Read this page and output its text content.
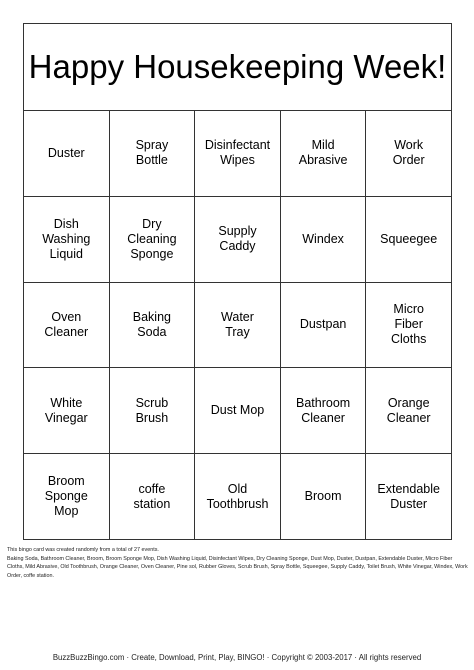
Happy Housekeeping Week!
Duster
Spray
Bottle
Disinfectant
Wipes
Mild
Abrasive
Work
Order
Dish
Washing
Liquid
Dry
Cleaning
Sponge
Supply
Caddy
Windex	Squeegee
Oven
Cleaner
Baking
Soda
Water
Tray
Dustpan
Micro
Fiber
Cloths
White
Vinegar
Scrub
Brush
Dust Mop
Bathroom
Cleaner
Orange
Cleaner
Broom
Sponge
Mop
coffe
station
Old
Toothbrush
Broom
Extendable
Duster

This bingo card was created randomly from a total of 27 events.

Baking Soda, Bathroom Cleaner, Broom, Broom Sponge Mop, Dish Washing Liquid, Disinfectant Wipes, Dry Cleaning Sponge, Dust Mop, Duster, Dustpan, Extendable Duster, Micro Fiber Cloths, Mild Abrasive, Old Toothbrush, Orange Cleaner, Oven Cleaner, Pine sol, Rubber Gloves, Scrub Brush, Spray Bottle, Squeegee, Supply Caddy, Toilet Brush, White Vinegar, Windex, Work Order, coffe station.

BuzzBuzzBingo.com · Create, Download, Print, Play, BINGO! · Copyright © 2003-2017 · All rights reserved
